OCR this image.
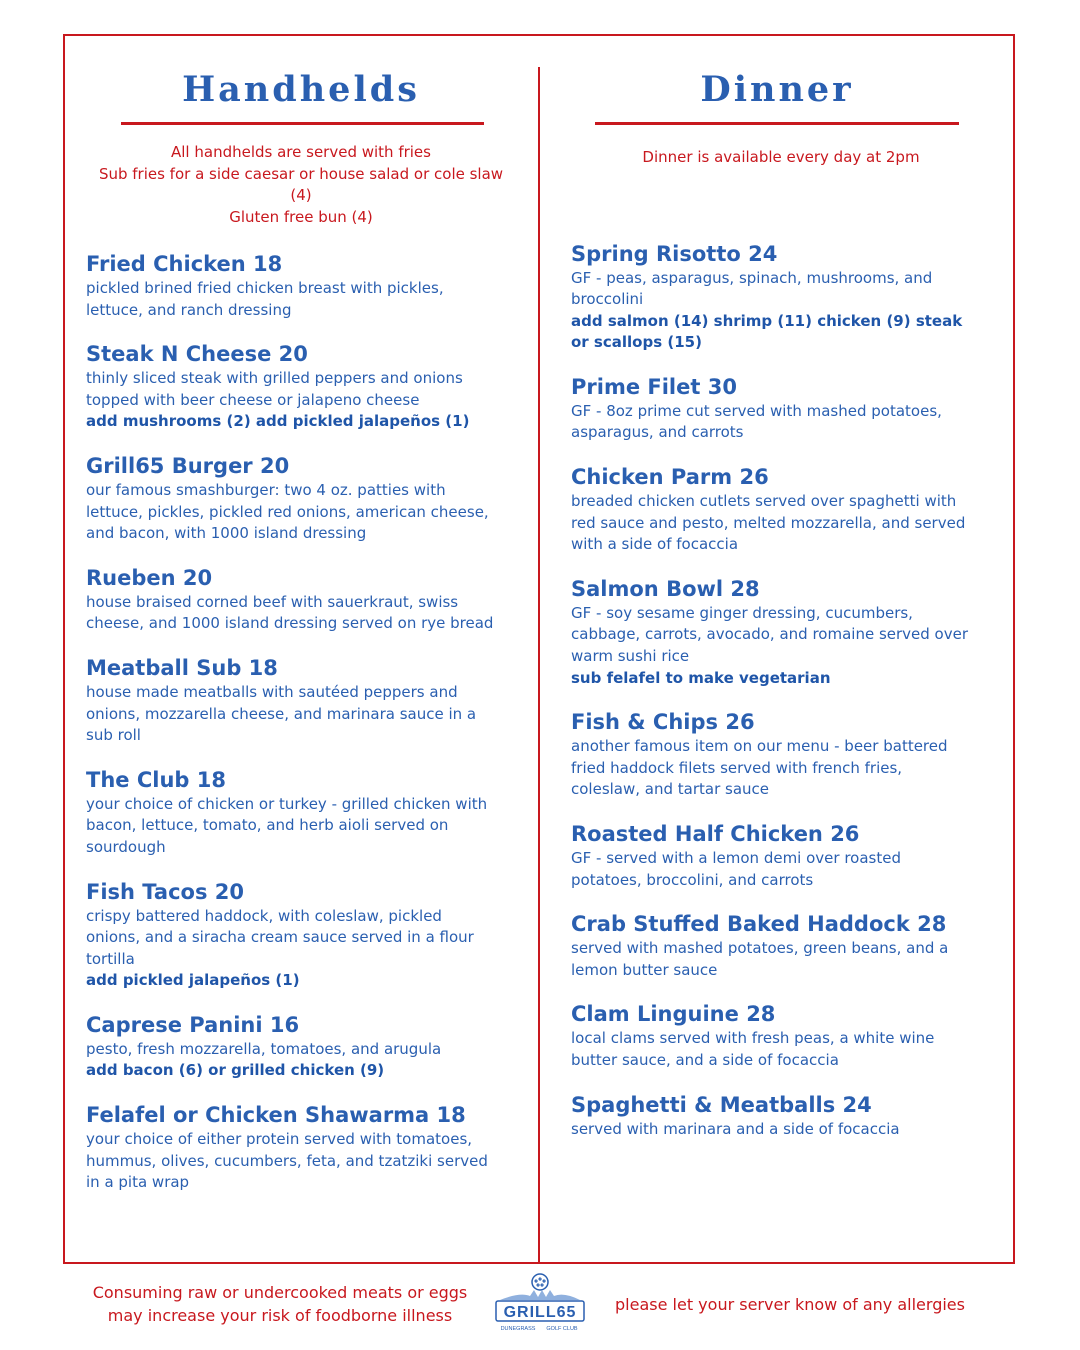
Handhelds
All handhelds are served with fries
Sub fries for a side caesar or house salad or cole slaw (4)
Gluten free bun (4)

Fried Chicken 18

pickled brined fried chicken breast with pickles, lettuce, and ranch dressing

Steak N Cheese 20

thinly sliced steak with grilled peppers and onions topped with beer cheese or jalapeno cheese

add mushrooms (2) add pickled jalapeños (1)

Grill65 Burger 20

our famous smashburger: two 4 oz. patties with lettuce, pickles, pickled red onions, american cheese, and bacon, with 1000 island dressing

Rueben 20

house braised corned beef with sauerkraut, swiss cheese, and 1000 island dressing served on rye bread

Meatball Sub 18

house made meatballs with sautéed peppers and onions, mozzarella cheese, and marinara sauce in a sub roll

The Club 18

your choice of chicken or turkey - grilled chicken with bacon, lettuce, tomato, and herb aioli served on sourdough

Fish Tacos 20

crispy battered haddock, with coleslaw, pickled onions, and a siracha cream sauce served in a flour tortilla

add pickled jalapeños (1)

Caprese Panini 16

pesto, fresh mozzarella, tomatoes, and arugula

add bacon (6) or grilled chicken (9)

Felafel or Chicken Shawarma 18

your choice of either protein served with tomatoes, hummus, olives, cucumbers, feta, and tzatziki served in a pita wrap

Dinner
Dinner is available every day at 2pm

Spring Risotto 24

GF - peas, asparagus, spinach, mushrooms, and broccolini

add salmon (14) shrimp (11) chicken (9) steak or scallops (15)

Prime Filet 30

GF - 8oz prime cut served with mashed potatoes, asparagus, and carrots

Chicken Parm 26

breaded chicken cutlets served over spaghetti with red sauce and pesto, melted mozzarella, and served with a side of focaccia

Salmon Bowl 28

GF - soy sesame ginger dressing, cucumbers, cabbage, carrots, avocado, and romaine served over warm sushi rice

sub felafel to make vegetarian

Fish & Chips 26

another famous item on our menu - beer battered fried haddock filets served with french fries, coleslaw, and tartar sauce

Roasted Half Chicken 26

GF - served with a lemon demi over roasted potatoes, broccolini, and carrots

Crab Stuffed Baked Haddock 28

served with mashed potatoes, green beans, and a lemon butter sauce

Clam Linguine 28

local clams served with fresh peas, a white wine butter sauce, and a side of focaccia

Spaghetti & Meatballs 24

served with marinara and a side of focaccia

Consuming raw or undercooked meats or eggs
may increase your risk of foodborne illness	GRILL65
DUNEGRASS GOLF CLUB
please let your server know of any allergies
